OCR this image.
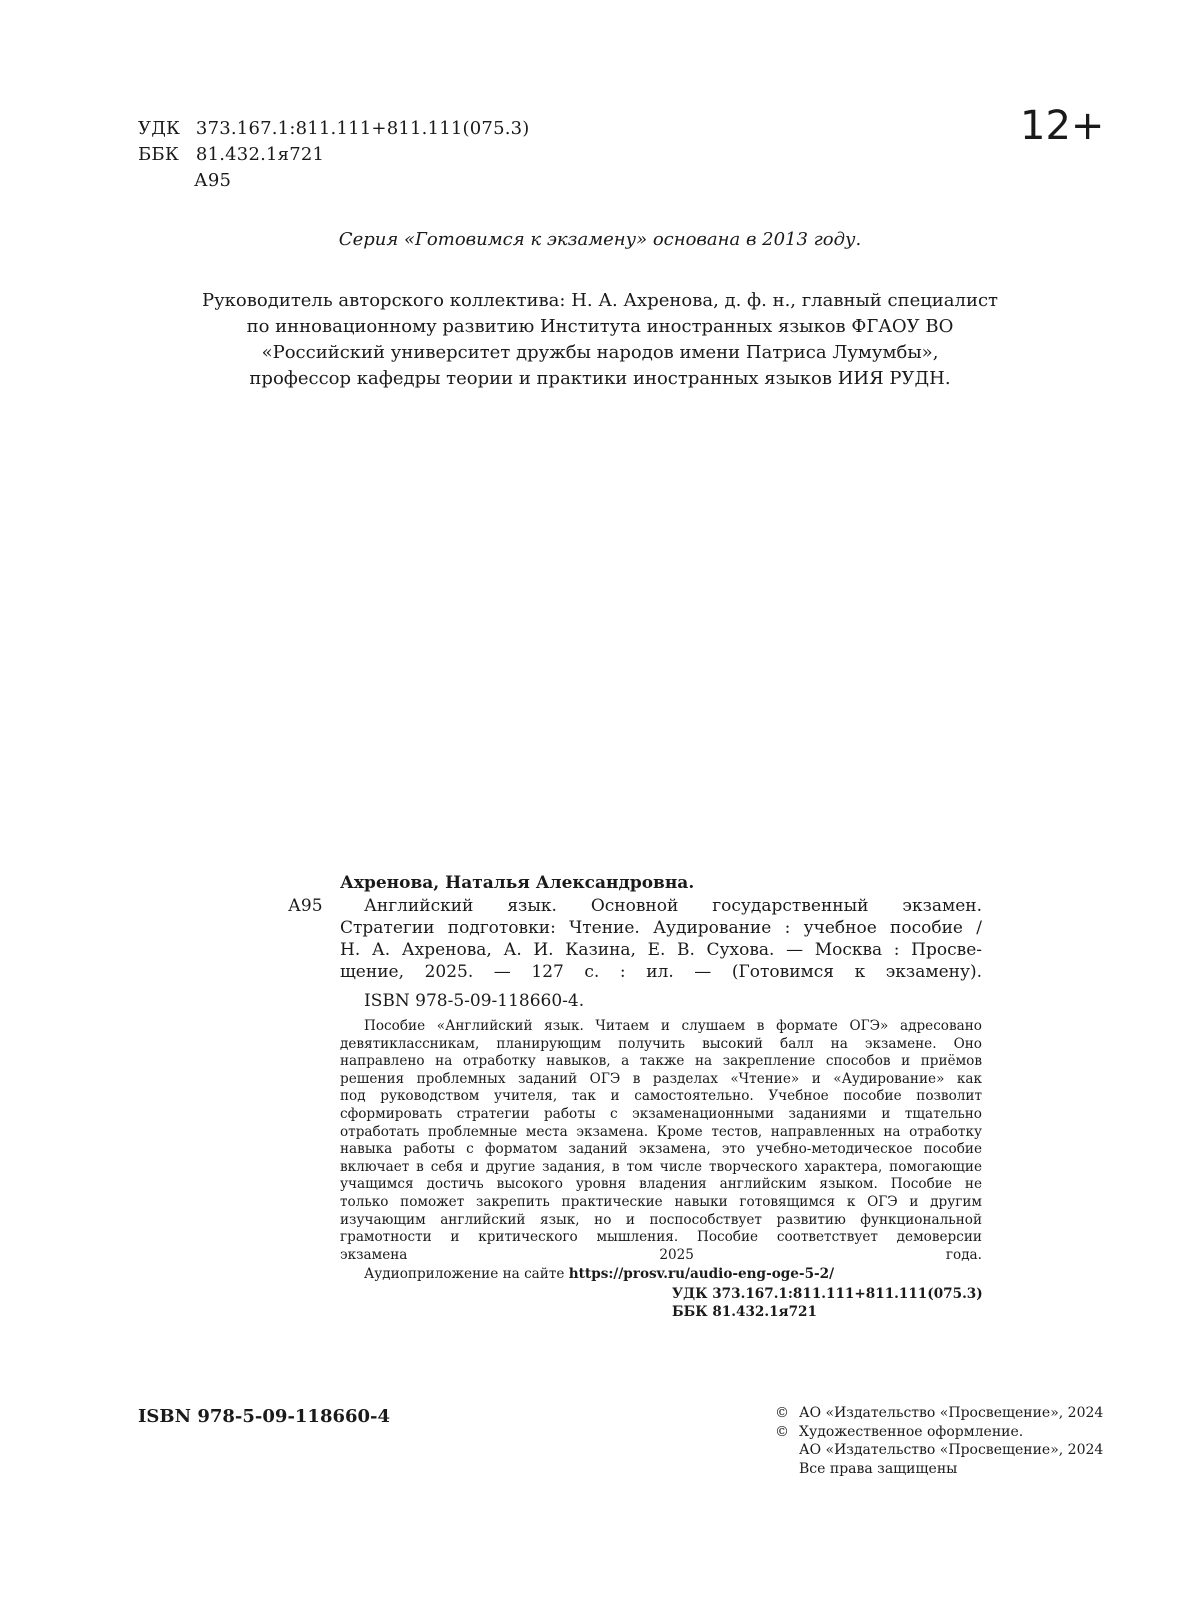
УДК 373.167.1:811.111+811.111(075.3)
ББК 81.432.1я721
А95
12+
Серия «Готовимся к экзамену» основана в 2013 году.
Руководитель авторского коллектива: Н. А. Ахренова, д. ф. н., главный специалист
по инновационному развитию Института иностранных языков ФГАОУ ВО
«Российский университет дружбы народов имени Патриса Лумумбы»,
профессор кафедры теории и практики иностранных языков ИИЯ РУДН.
Ахренова, Наталья Александровна.
А95	Английский язык. Основной государственный экзамен.
Стратегии подготовки: Чтение. Аудирование : учебное пособие /
Н. А. Ахренова, А. И. Казина, Е. В. Сухова. — Москва : Просве-
щение, 2025. — 127 с. : ил. — (Готовимся к экзамену).
ISBN 978-5-09-118660-4.
Пособие «Английский язык. Читаем и слушаем в формате ОГЭ» адресовано
девятиклассникам, планирующим получить высокий балл на экзамене. Оно
направлено на отработку навыков, а также на закрепление способов и приёмов
решения проблемных заданий ОГЭ в разделах «Чтение» и «Аудирование» как
под руководством учителя, так и самостоятельно. Учебное пособие позволит
сформировать стратегии работы с экзаменационными заданиями и тщательно
отработать проблемные места экзамена. Кроме тестов, направленных на отработку
навыка работы с форматом заданий экзамена, это учебно-методическое пособие
включает в себя и другие задания, в том числе творческого характера, помогающие
учащимся достичь высокого уровня владения английским языком. Пособие не
только поможет закрепить практические навыки готовящимся к ОГЭ и другим
изучающим английский язык, но и поспособствует развитию функциональной
грамотности и критического мышления. Пособие соответствует демоверсии
экзамена 2025 года.
Аудиоприложение на сайте https://prosv.ru/audio-eng-oge-5-2/
УДК 373.167.1:811.111+811.111(075.3)
ББК 81.432.1я721
ISBN 978-5-09-118660-4	© АО «Издательство «Просвещение», 2024
© Художественное оформление.
АО «Издательство «Просвещение», 2024
Все права защищены
